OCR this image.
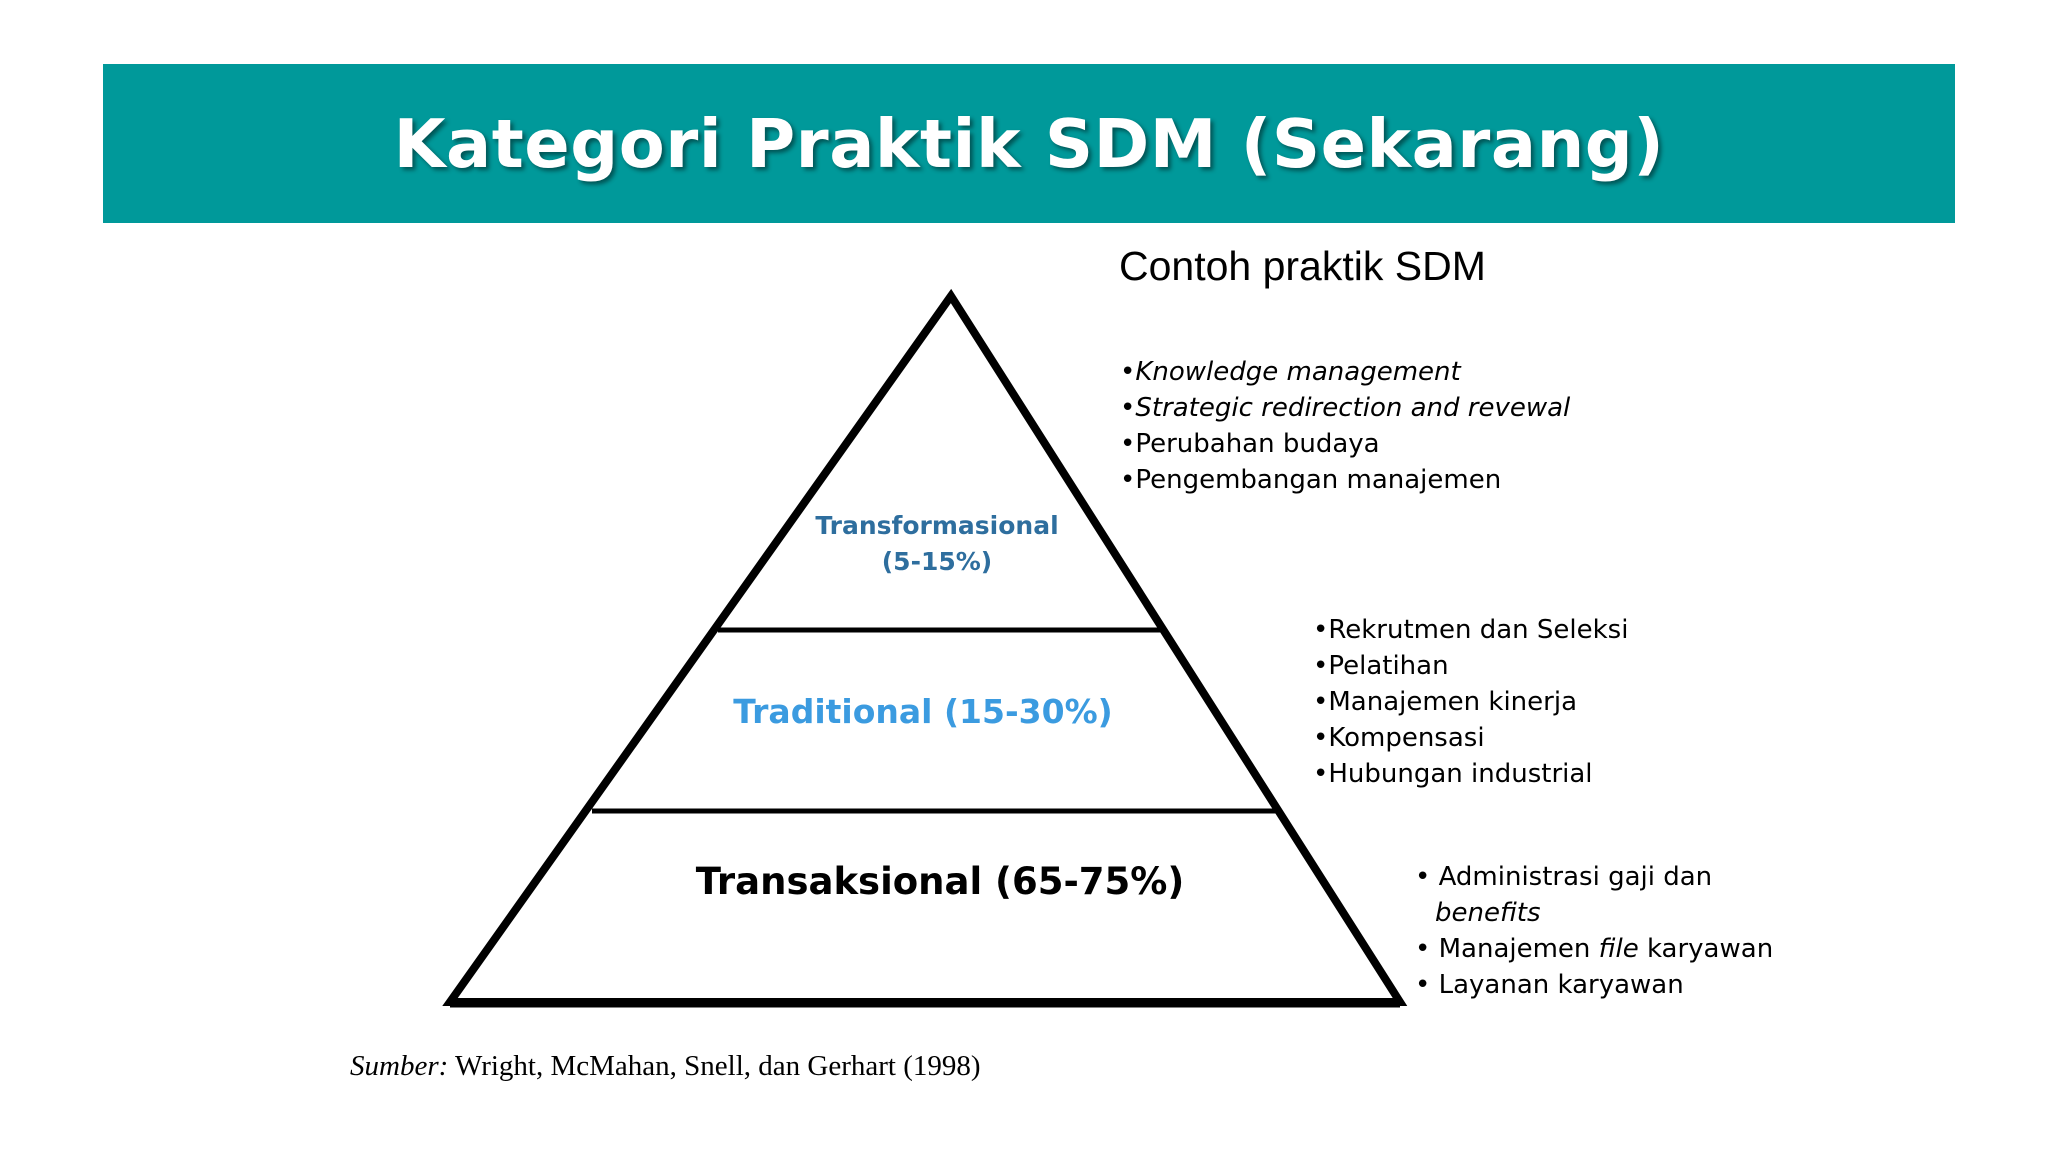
Kategori Praktik SDM (Sekarang)
Contoh praktik SDM
Transformasional
(5-15%)
Traditional (15-30%)
Transaksional (65-75%)
•Knowledge management
•Strategic redirection and revewal
•Perubahan budaya
•Pengembangan manajemen
•Rekrutmen dan Seleksi
•Pelatihan
•Manajemen kinerja
•Kompensasi
•Hubungan industrial
• Administrasi gaji dan
benefits
• Manajemen file karyawan
• Layanan karyawan
Sumber: Wright, McMahan, Snell, dan Gerhart (1998)
